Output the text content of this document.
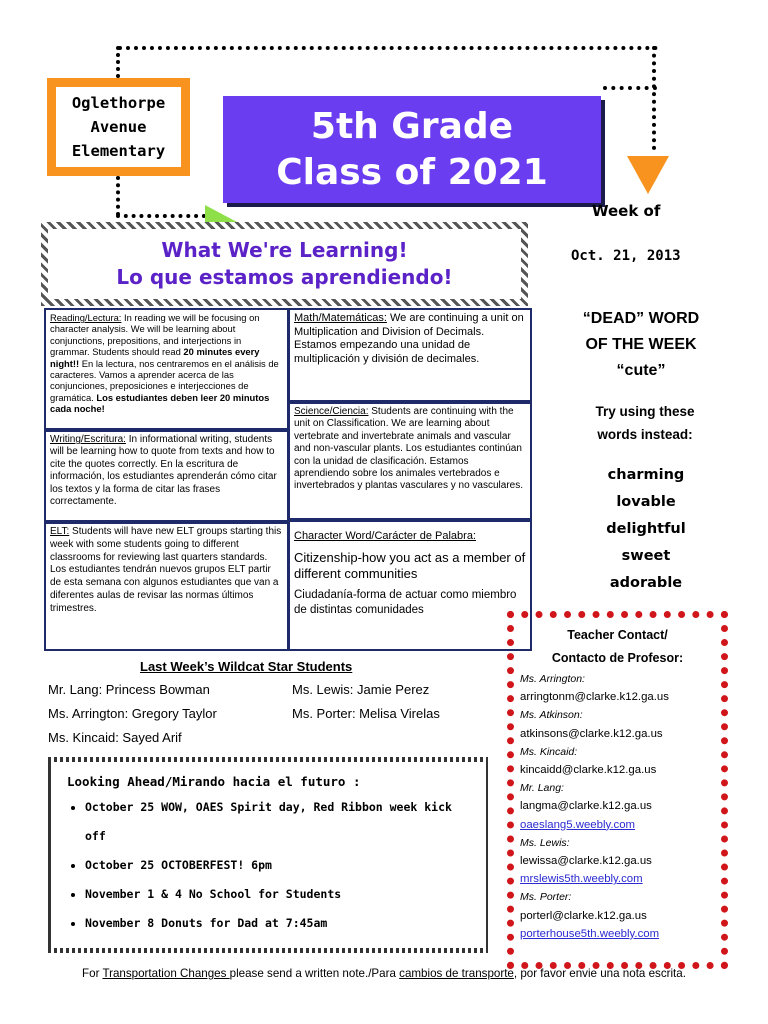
Oglethorpe
Avenue
Elementary
5th Grade
Class of 2021
Week of
Oct. 21, 2013
What We're Learning!
Lo que estamos aprendiendo!
Reading/Lectura: In reading we will be focusing on character analysis. We will be learning about conjunctions, prepositions, and interjections in grammar. Students should read 20 minutes every night!! En la lectura, nos centraremos en el análisis de caracteres. Vamos a aprender acerca de las conjunciones, preposiciones e interjecciones de gramática. Los estudiantes deben leer 20 minutos cada noche!
Writing/Escritura: In informational writing, students will be learning how to quote from texts and how to cite the quotes correctly. En la escritura de información, los estudiantes aprenderán cómo citar los textos y la forma de citar las frases correctamente.
ELT: Students will have new ELT groups starting this week with some students going to different classrooms for reviewing last quarters standards. Los estudiantes tendrán nuevos grupos ELT partir de esta semana con algunos estudiantes que van a diferentes aulas de revisar las normas últimos trimestres.
Math/Matemáticas: We are continuing a unit on Multiplication and Division of Decimals. Estamos empezando una unidad de multiplicación y división de decimales.
Science/Ciencia: Students are continuing with the unit on Classification. We are learning about vertebrate and invertebrate animals and vascular and non-vascular plants. Los estudiantes continúan con la unidad de clasificación. Estamos aprendiendo sobre los animales vertebrados e invertebrados y plantas vasculares y no vasculares.
Character Word/Carácter de Palabra:
Citizenship-how you act as a member of different communities
Ciudadanía-forma de actuar como miembro de distintas comunidades
“DEAD” WORD
OF THE WEEK
“cute”
Try using these
words instead:
charming
lovable
delightful
sweet
adorable
Teacher Contact/
Contacto de Profesor:
Ms. Arrington:
arringtonm@clarke.k12.ga.us
Ms. Atkinson:
atkinsons@clarke.k12.ga.us
Ms. Kincaid:
kincaidd@clarke.k12.ga.us
Mr. Lang:
langma@clarke.k12.ga.us
oaeslang5.weebly.com
Ms. Lewis:
lewissa@clarke.k12.ga.us
mrslewis5th.weebly.com
Ms. Porter:
porterl@clarke.k12.ga.us
porterhouse5th.weebly.com
Last Week’s Wildcat Star Students
Mr. Lang: Princess Bowman	Ms. Lewis: Jamie Perez
Ms. Arrington: Gregory Taylor	Ms. Porter: Melisa Virelas
Ms. Kincaid: Sayed Arif
Looking Ahead/Mirando hacia el futuro :
• October 25 WOW, OAES Spirit day, Red Ribbon week kick off
• October 25 OCTOBERFEST! 6pm
• November 1 & 4 No School for Students
• November 8 Donuts for Dad at 7:45am
For Transportation Changes please send a written note./Para cambios de transporte, por favor envie una nota escrita.
